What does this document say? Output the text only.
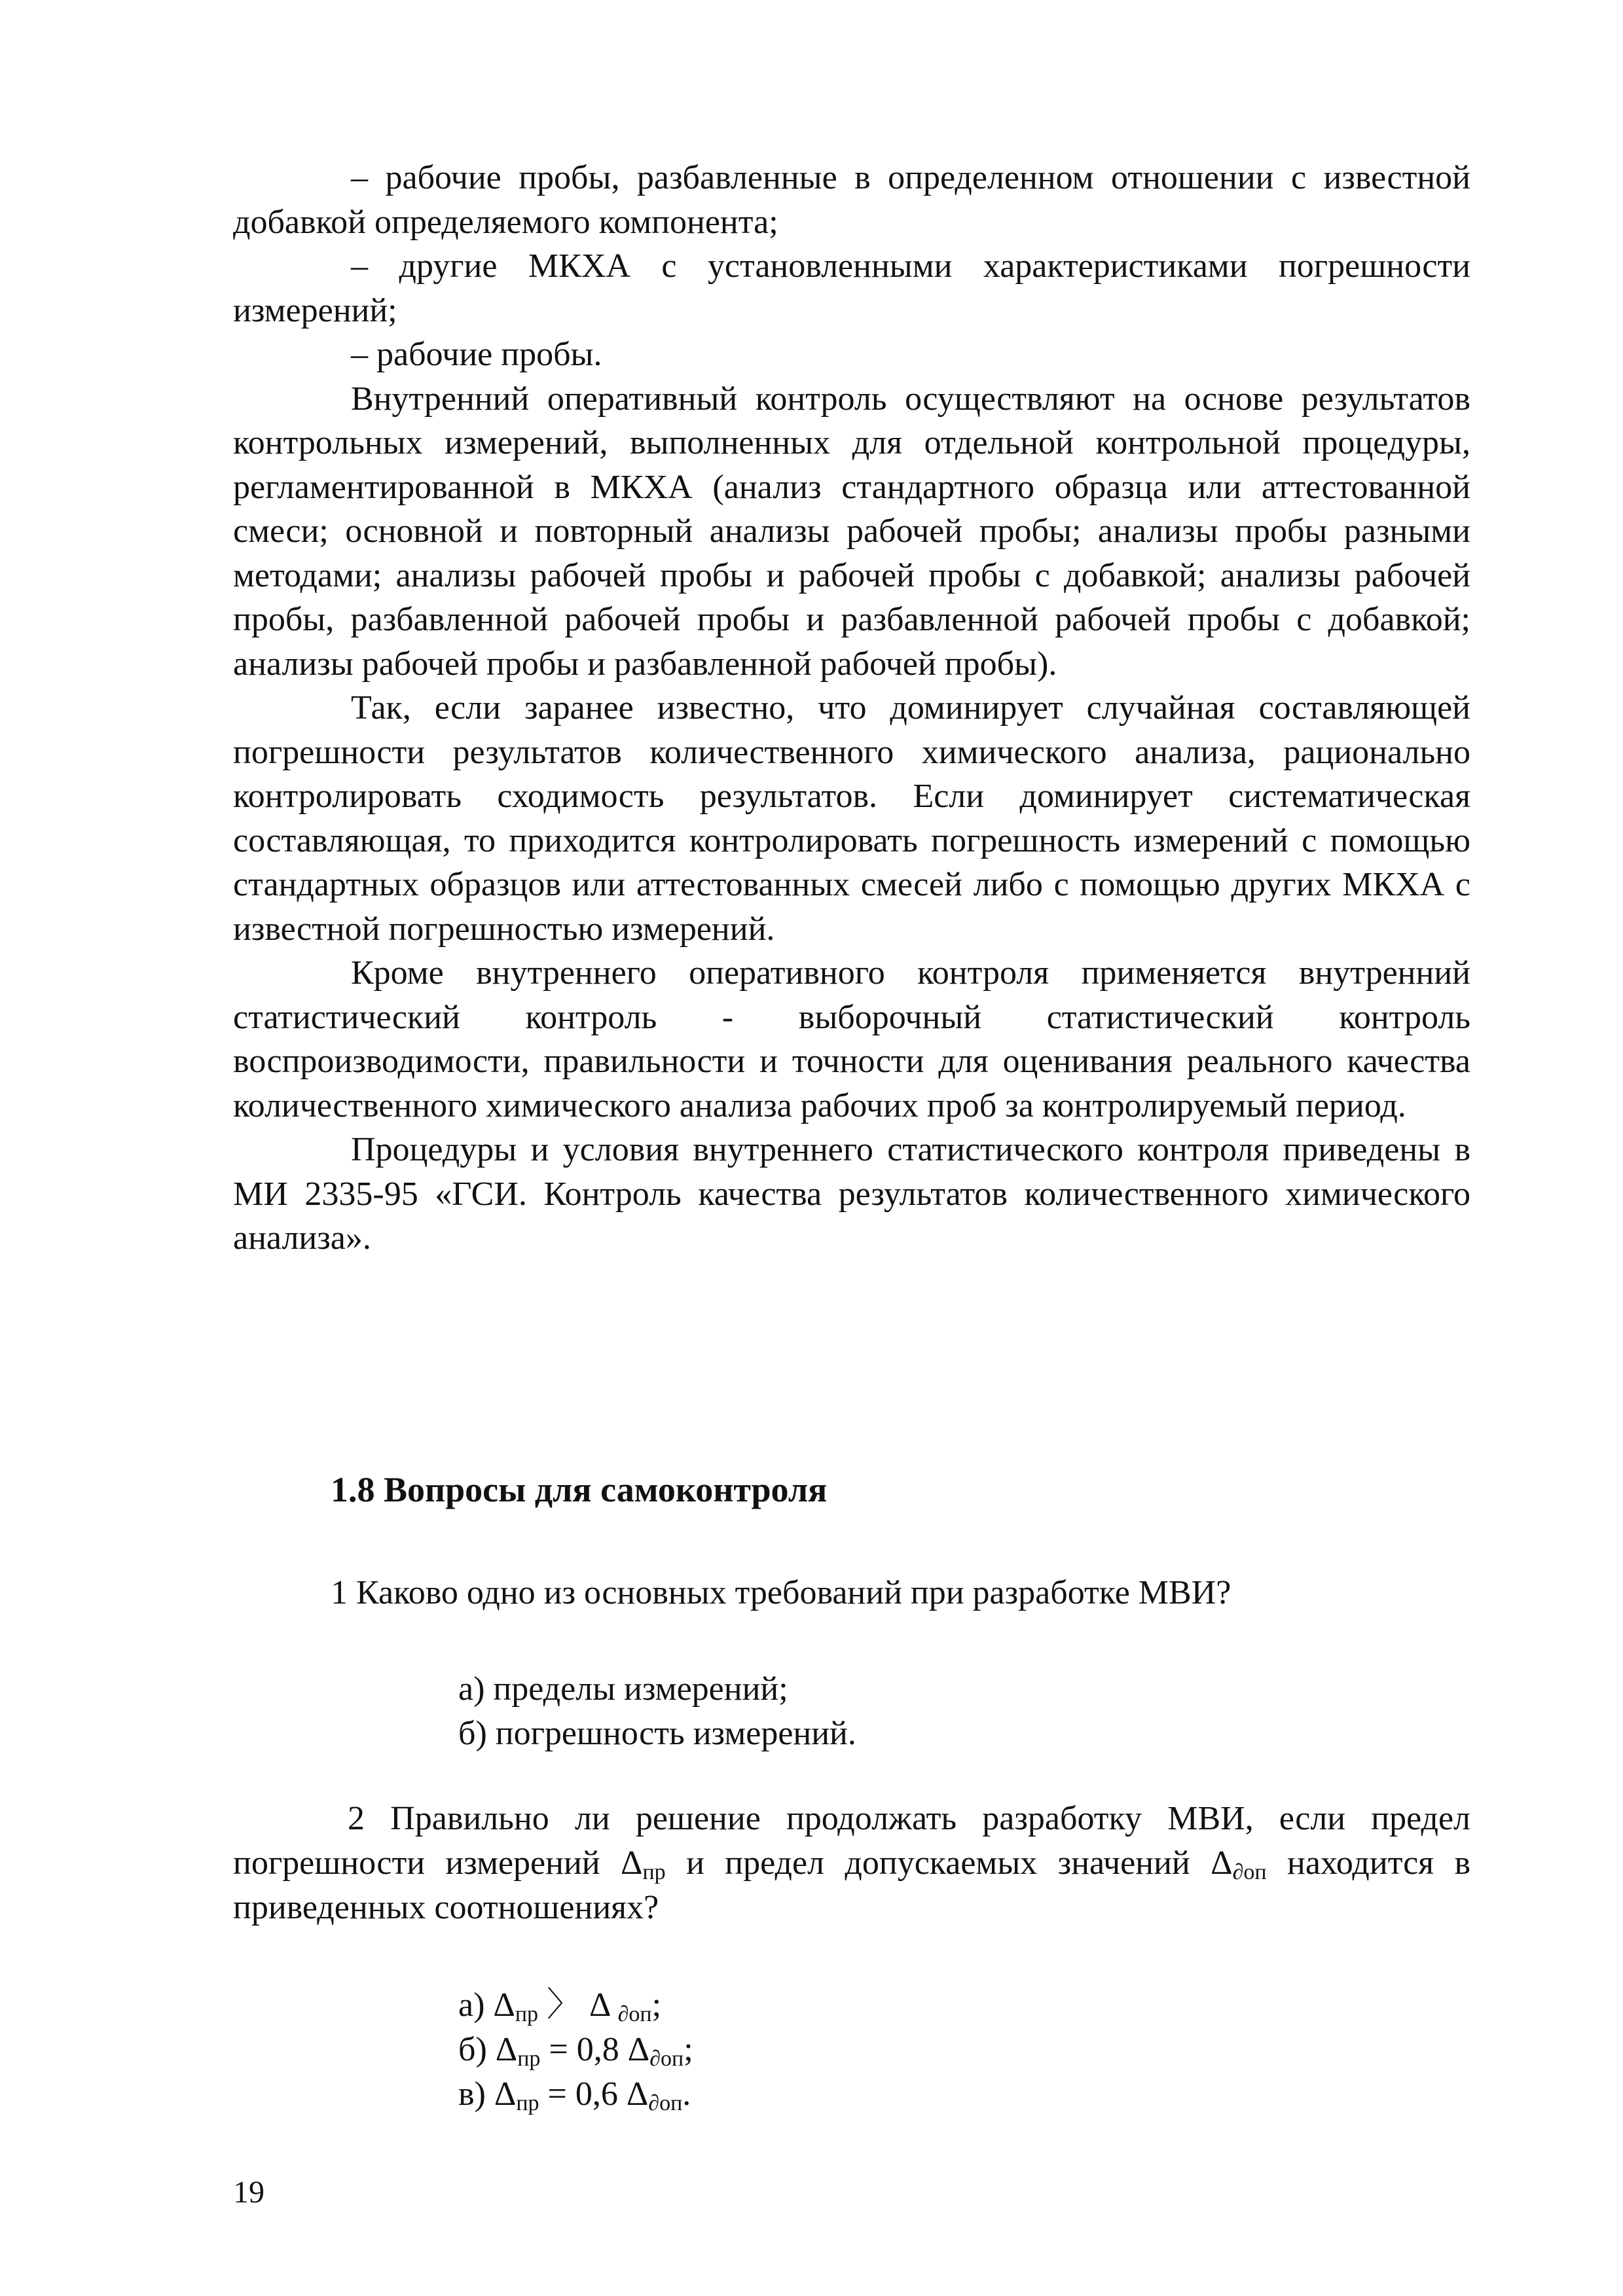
– рабочие пробы, разбавленные в определенном отношении с известной добавкой определяемого компонента;

– другие МКХА с установленными характеристиками погрешности измерений;

– рабочие пробы.

Внутренний оперативный контроль осуществляют на основе результатов контрольных измерений, выполненных для отдельной контрольной процедуры, регламентированной в МКХА (анализ стандартного образца или аттестованной смеси; основной и повторный анализы рабочей пробы; анализы пробы разными методами; анализы рабочей пробы и рабочей пробы с добавкой; анализы рабочей пробы, разбавленной рабочей пробы и разбавленной рабочей пробы с добавкой; анализы рабочей пробы и разбавленной рабочей пробы).

Так, если заранее известно, что доминирует случайная составляющей погрешности результатов количественного химического анализа, рационально контролировать сходимость результатов. Если доминирует систематическая составляющая, то приходится контролировать погрешность измерений с помощью стандартных образцов или аттестованных смесей либо с помощью других МКХА с известной погрешностью измерений.

Кроме внутреннего оперативного контроля применяется внутренний статистический контроль - выборочный статистический контроль воспроизводимости, правильности и точности для оценивания реального качества количественного химического анализа рабочих проб за контролируемый период.

Процедуры и условия внутреннего статистического контроля приведены в МИ 2335-95 «ГСИ. Контроль качества результатов количественного химического анализа».

1.8 Вопросы для самоконтроля
1 Каково одно из основных требований при разработке МВИ?
а) пределы измерений;
б) погрешность измерений.

2 Правильно ли решение продолжать разработку МВИ, если предел погрешности измерений $\Delta_{пр}$ и предел допускаемых значений $\Delta_{\partial оп}$ находится в приведенных соотношениях?

а) $\Delta_{пр}$ 〉 Δ $_{\partial оп}$;
б) $\Delta_{пр} = 0,8$ $\Delta_{\partial оп}$;
в) $\Delta_{пр} = 0,6$ $\Delta_{\partial оп}$.
19
